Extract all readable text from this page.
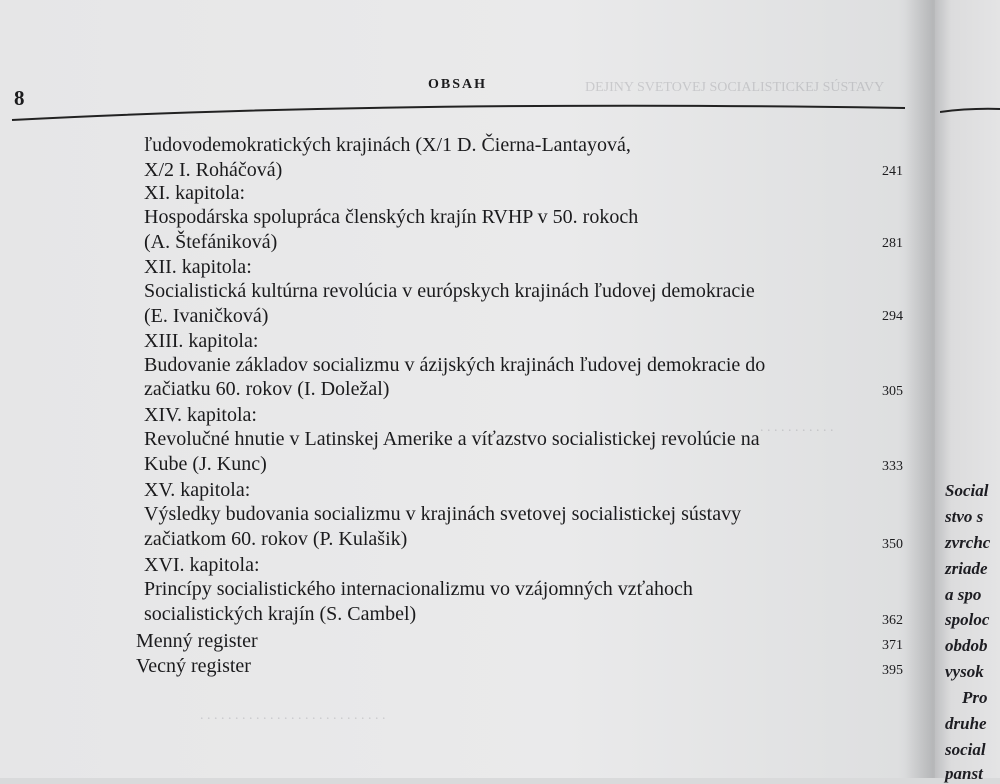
DEJINY SVETOVEJ SOCIALISTICKEJ SÚSTAVY
. . . . . . . . . . .
. . . . . . . . . . . . . . . . . . . . . . . . . . .
8
OBSAH
ľudovodemokratických krajinách (X/1 D. Čierna-Lantayová,
X/2 I. Roháčová)	241
XI. kapitola:
Hospodárska spolupráca členských krajín RVHP v 50. rokoch
(A. Štefániková)	281
XII. kapitola:
Socialistická kultúrna revolúcia v európskych krajinách ľudovej demokracie
(E. Ivaničková)	294
XIII. kapitola:
Budovanie základov socializmu v ázijských krajinách ľudovej demokracie do
začiatku 60. rokov (I. Doležal)	305
XIV. kapitola:
Revolučné hnutie v Latinskej Amerike a víťazstvo socialistickej revolúcie na
Kube (J. Kunc)	333
XV. kapitola:
Výsledky budovania socializmu v krajinách svetovej socialistickej sústavy
začiatkom 60. rokov (P. Kulašik)	350
XVI. kapitola:
Princípy socialistického internacionalizmu vo vzájomných vzťahoch
socialistických krajín (S. Cambel)	362
Menný register	371
Vecný register	395
Social
stvo s
zvrchc
zriade
a spo
spoloc
obdob
vysok
Pro
druhe
social
panst
